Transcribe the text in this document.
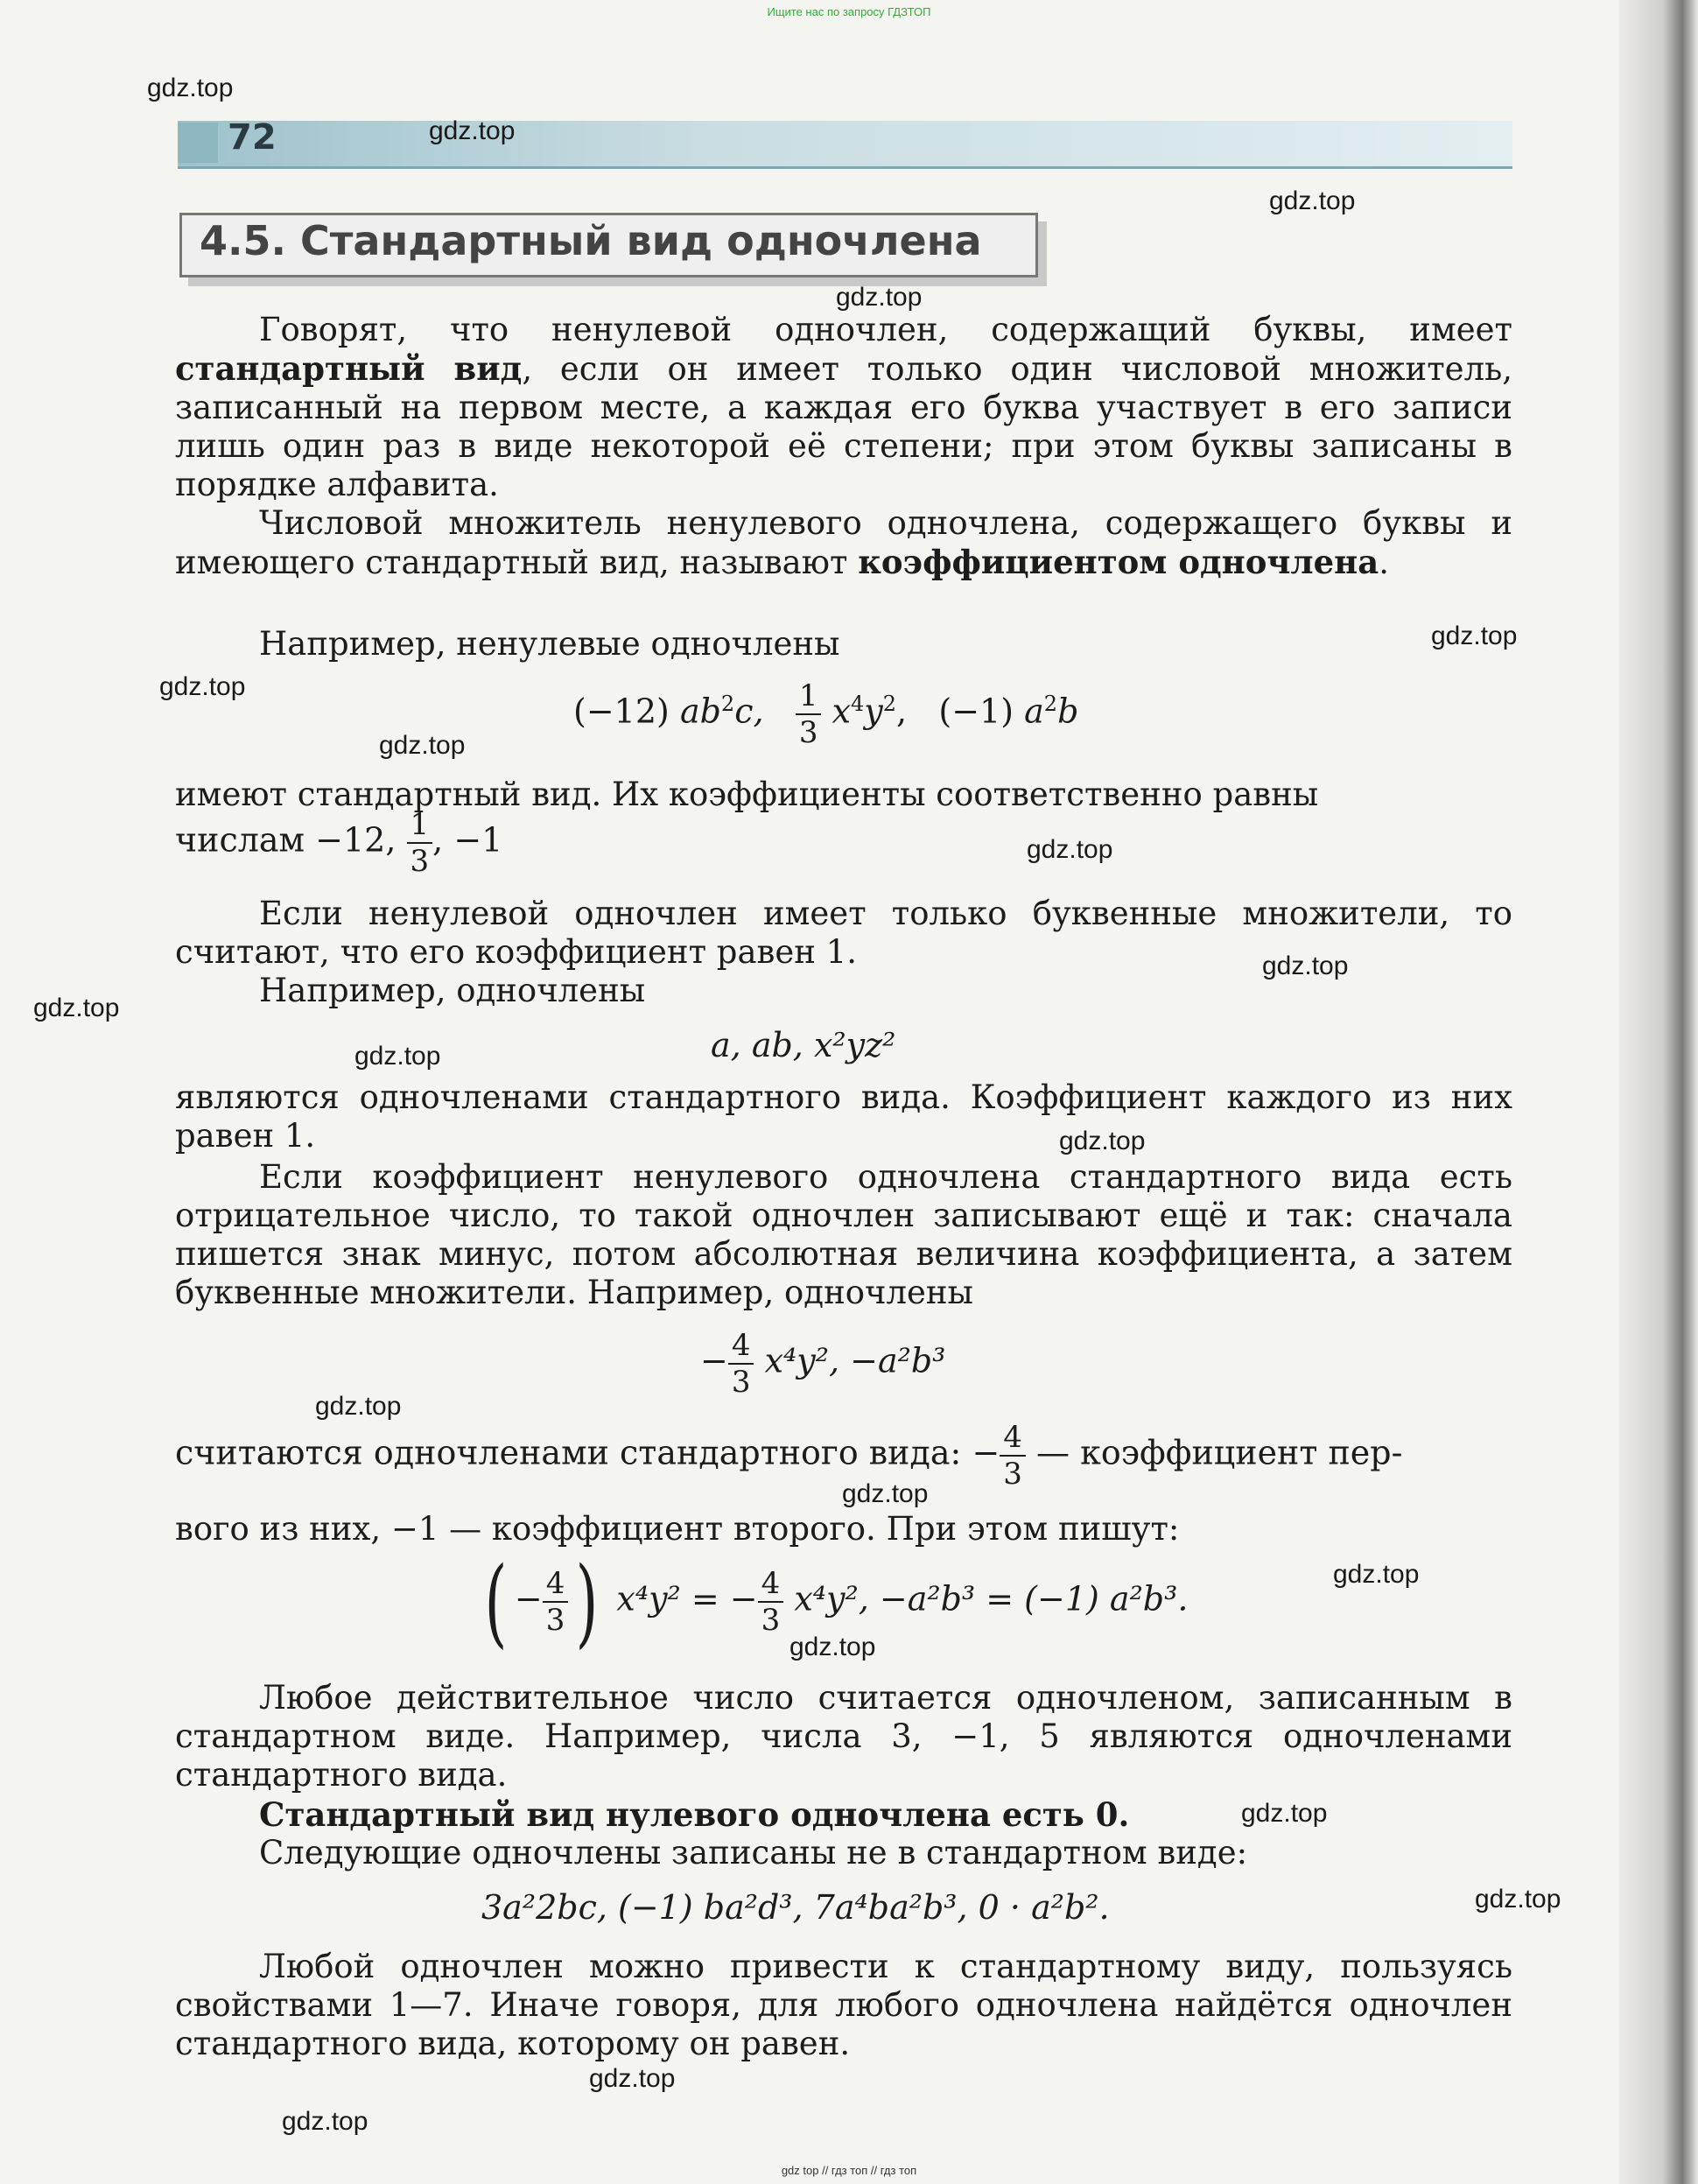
Ищите нас по запросу ГДЗТОП
72
4.5. Стандартный вид одночлена

Говорят, что ненулевой одночлен, содержащий буквы, имеет стандартный вид, если он имеет только один числовой множитель, записанный на первом месте, а каждая его буква участвует в его записи лишь один раз в виде некоторой её степени; при этом буквы записаны в порядке алфавита.

Числовой множитель ненулевого одночлена, содержащего буквы и имеющего стандартный вид, называют коэффициентом одночлена.

Например, ненулевые одночлены

(−12) $ab^2c$, $\frac{1}{3} x^4y^2$, (−1) $a^2b$

имеют стандартный вид. Их коэффициенты соответственно равны

числам −12, $\frac{1}{3}$ , −1

Если ненулевой одночлен имеет только буквенные множители, то считают, что его коэффициент равен 1.

Например, одночлены

a, ab, x²yz²

являются одночленами стандартного вида. Коэффициент каждого из них равен 1.

Если коэффициент ненулевого одночлена стандартного вида есть отрицательное число, то такой одночлен записывают ещё и так: сначала пишется знак минус, потом абсолютная величина коэффициента, а затем буквенные множители. Например, одночлены

− $\frac{4}{3} x^4y^2$, −a²b³
считаются одночленами стандартного вида: − $\frac{4}{3}$ — коэффициент пер-

вого из них, −1 — коэффициент второго. При этом пишут:

( − $\frac{4}{3}$ ) x⁴y² = − $\frac{4}{3} x^4y^2$, −a²b³ = (−1) a²b³.

Любое действительное число считается одночленом, записанным в стандартном виде. Например, числа 3, −1, 5 являются одночленами стандартного вида.

Стандартный вид нулевого одночлена есть 0.

Следующие одночлены записаны не в стандартном виде:

3a²2bc, (−1) ba²d³, 7a⁴ba²b³, 0 · a²b².

Любой одночлен можно привести к стандартному виду, пользуясь свойствами 1—7. Иначе говоря, для любого одночлена найдётся одночлен стандартного вида, которому он равен.

gdz.top
gdz.top
gdz.top
gdz.top
gdz.top
gdz.top
gdz.top
gdz.top
gdz.top
gdz.top
gdz.top
gdz.top
gdz.top
gdz.top
gdz.top
gdz.top
gdz.top
gdz.top
gdz.top
gdz.top
gdz top // гдз топ // гдз топ
